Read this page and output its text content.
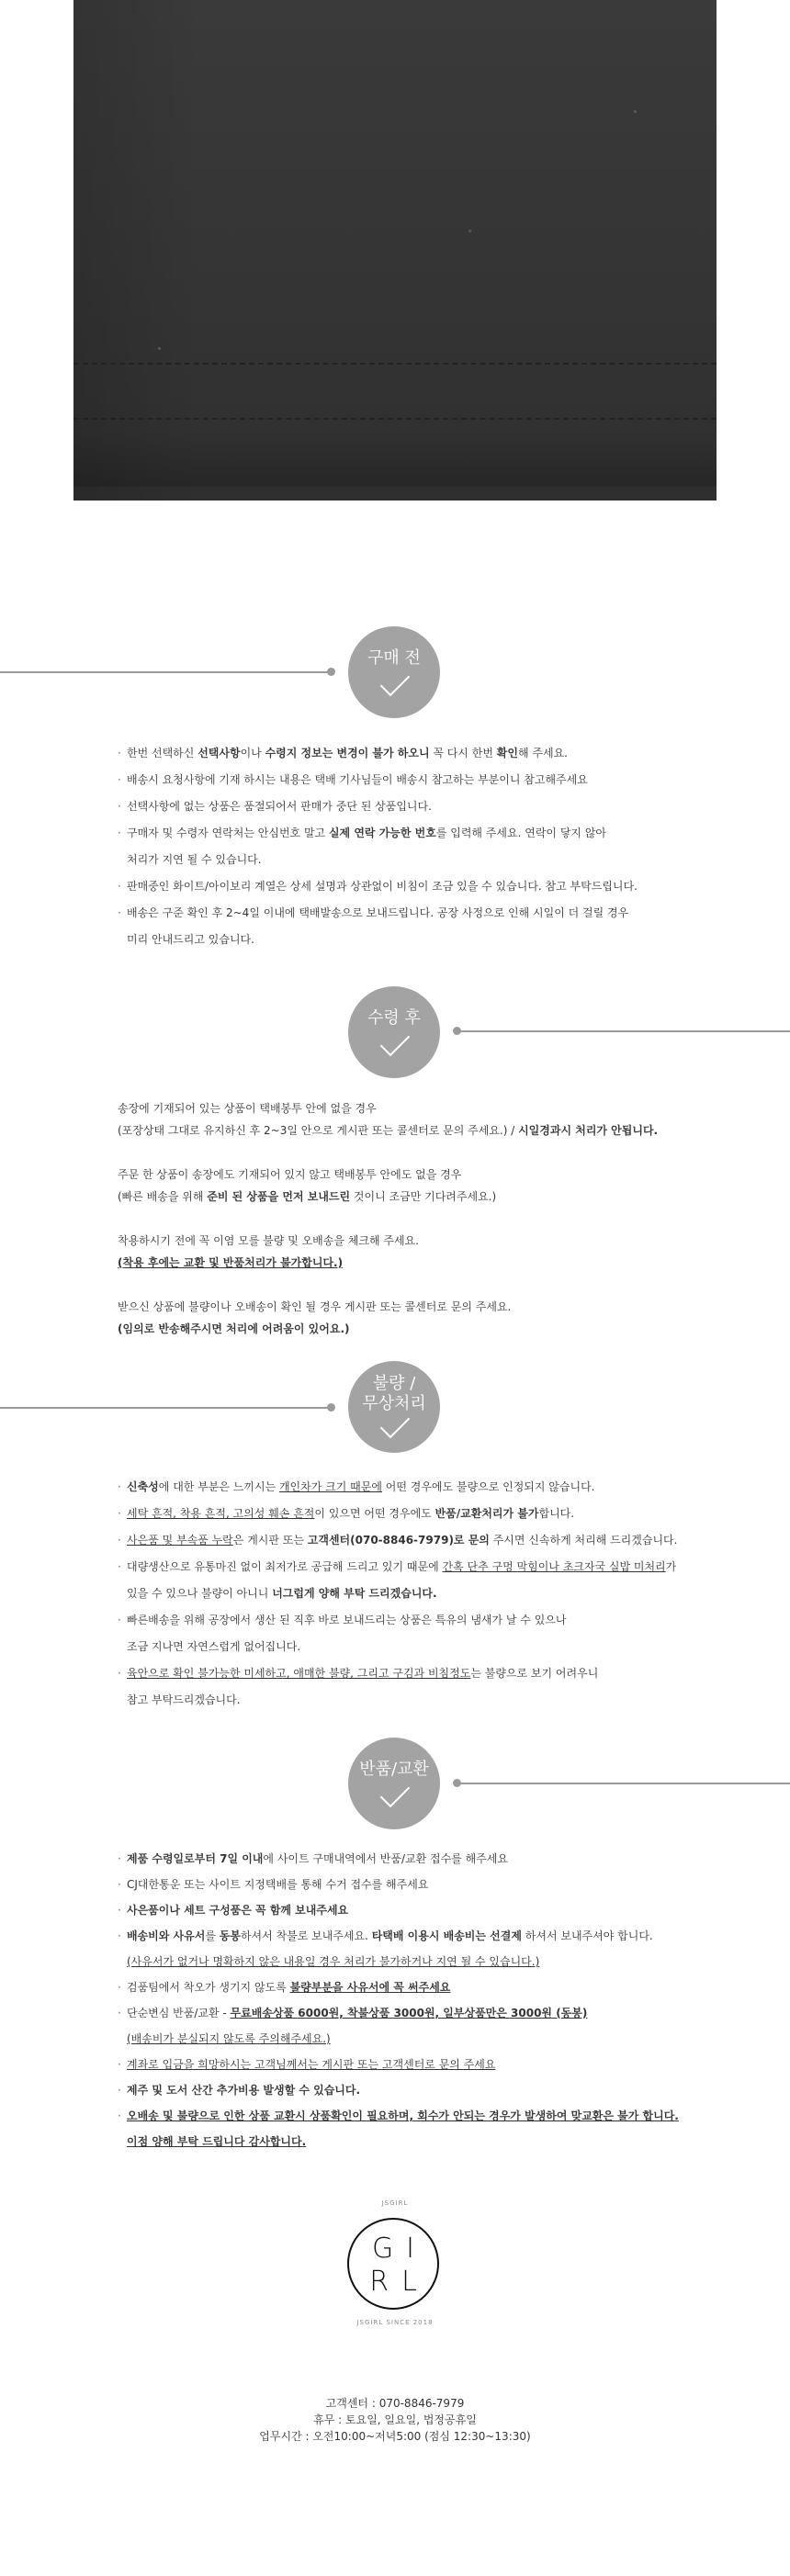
구매 전
· 한번 선택하신 선택사항이나 수령지 정보는 변경이 불가 하오니 꼭 다시 한번 확인해 주세요.
· 배송시 요청사항에 기재 하시는 내용은 택배 기사님들이 배송시 참고하는 부분이니 참고해주세요
· 선택사항에 없는 상품은 품절되어서 판매가 중단 된 상품입니다.
· 구매자 및 수령자 연락처는 안심번호 말고 실제 연락 가능한 번호를 입력해 주세요. 연락이 닿지 않아
처리가 지연 될 수 있습니다.
· 판매중인 화이트/아이보리 계열은 상세 설명과 상관없이 비침이 조금 있을 수 있습니다. 참고 부탁드립니다.
· 배송은 구준 확인 후 2~4일 이내에 택배발송으로 보내드립니다. 공장 사정으로 인해 시일이 더 걸릴 경우
미리 안내드리고 있습니다.
수령 후
송장에 기재되어 있는 상품이 택배봉투 안에 없을 경우
(포장상태 그대로 유지하신 후 2~3일 안으로 게시판 또는 콜센터로 문의 주세요.) / 시일경과시 처리가 안됩니다.
주문 한 상품이 송장에도 기재되어 있지 않고 택배봉투 안에도 없을 경우
(빠른 배송을 위해 준비 된 상품을 먼저 보내드린 것이니 조금만 기다려주세요.)
착용하시기 전에 꼭 이염 모를 불량 및 오배송을 체크해 주세요.
(착용 후에는 교환 및 반품처리가 불가합니다.)
받으신 상품에 불량이나 오배송이 확인 될 경우 게시판 또는 콜센터로 문의 주세요.
(임의로 반송해주시면 처리에 어려움이 있어요.)
불량 /
무상처리
· 신축성에 대한 부분은 느끼시는 개인차가 크기 때문에 어떤 경우에도 불량으로 인정되지 않습니다.
· 세탁 흔적, 착용 흔적, 고의성 훼손 흔적이 있으면 어떤 경우에도 반품/교환처리가 불가합니다.
· 사은품 및 부속품 누락은 게시판 또는 고객센터(070-8846-7979)로 문의 주시면 신속하게 처리해 드리겠습니다.
· 대량생산으로 유통마진 없이 최저가로 공급해 드리고 있기 때문에 간혹 단추 구멍 막힘이나 초크자국 실밥 미처리가
있을 수 있으나 불량이 아니니 너그럽게 양해 부탁 드리겠습니다.
· 빠른배송을 위해 공장에서 생산 된 직후 바로 보내드리는 상품은 특유의 냄새가 날 수 있으나
조금 지나면 자연스럽게 없어집니다.
· 육안으로 확인 불가능한 미세하고, 애매한 불량, 그리고 구김과 비침정도는 불량으로 보기 어려우니
참고 부탁드리겠습니다.
반품/교환
· 제품 수령일로부터 7일 이내에 사이트 구매내역에서 반품/교환 접수를 해주세요
· CJ대한통운 또는 사이트 지정택배를 통해 수거 접수를 해주세요
· 사은품이나 세트 구성품은 꼭 함께 보내주세요
· 배송비와 사유서를 동봉하셔서 착불로 보내주세요. 타택배 이용시 배송비는 선결제 하셔서 보내주셔야 합니다.
(사유서가 없거나 명확하지 않은 내용일 경우 처리가 불가하거나 지연 될 수 있습니다.)
· 검품팀에서 착오가 생기지 않도록 불량부분을 사유서에 꼭 써주세요
· 단순변심 반품/교환 - 무료배송상품 6000원, 착불상품 3000원, 일부상품만은 3000원 (동봉)
(배송비가 분실되지 않도록 주의해주세요.)
· 계좌로 입금을 희망하시는 고객님께서는 게시판 또는 고객센터로 문의 주세요
· 제주 및 도서 산간 추가비용 발생할 수 있습니다.
· 오배송 및 불량으로 인한 상품 교환시 상품확인이 필요하며, 회수가 안되는 경우가 발생하여 맞교환은 불가 합니다.
이점 양해 부탁 드립니다 감사합니다.
JSGIRL
GI
RL
JSGIRL SINCE 2018
고객센터 : 070-8846-7979
휴무 : 토요일, 일요일, 법정공휴일
업무시간 : 오전10:00~저녁5:00 (점심 12:30~13:30)
